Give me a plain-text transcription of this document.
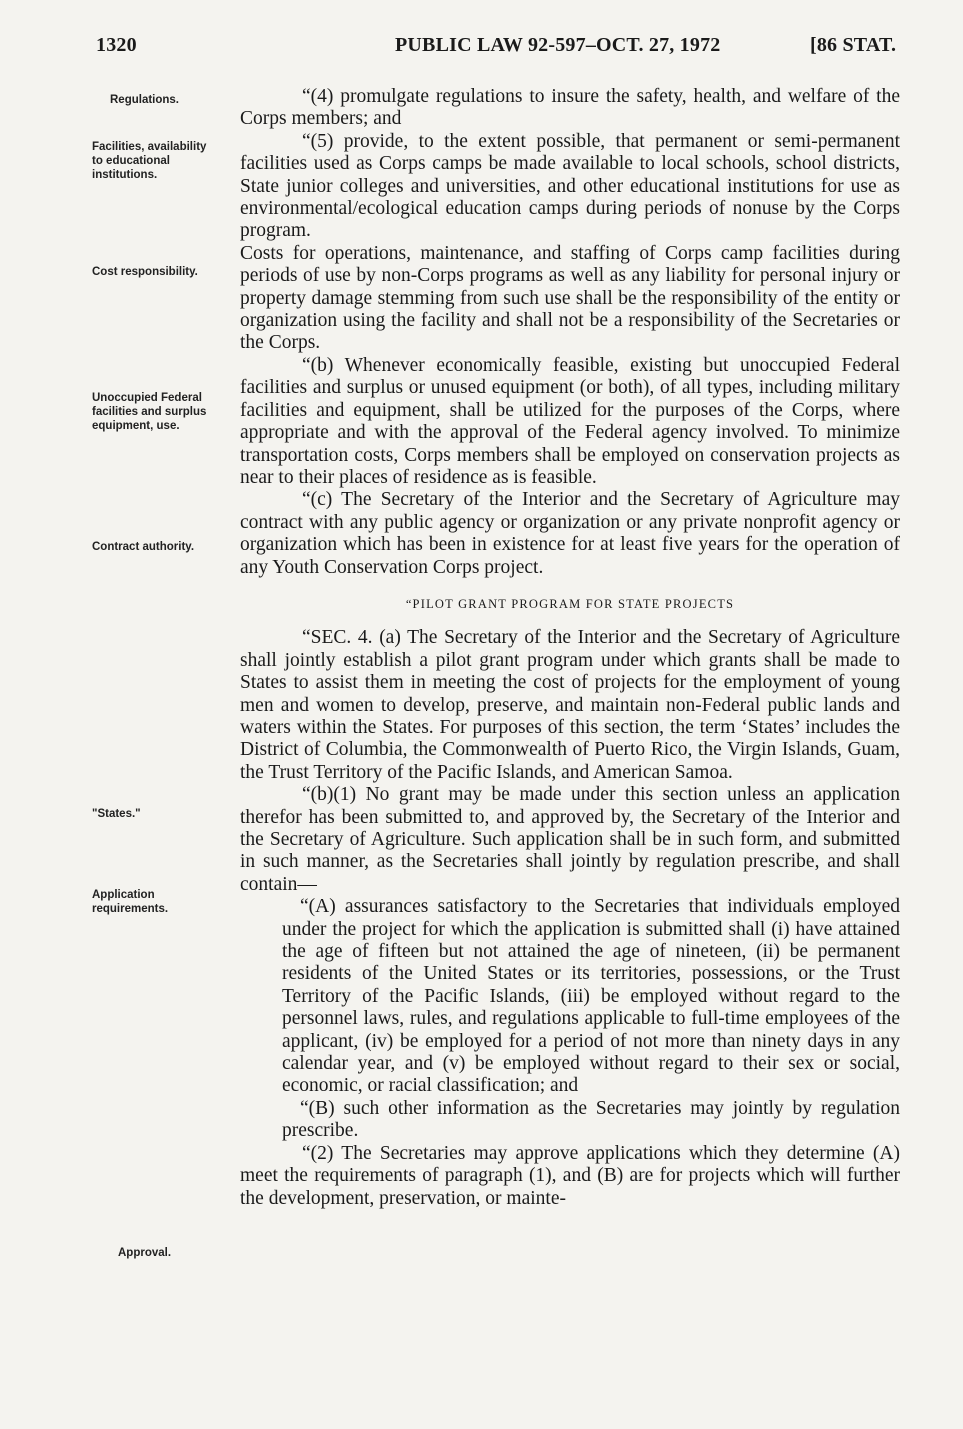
1320	PUBLIC LAW 92-597–OCT. 27, 1972	[86 STAT.
Regulations.
Facilities, availability to educational institutions.
Cost responsibility.
Unoccupied Federal facilities and surplus equipment, use.
Contract authority.
"States."
Application requirements.
Approval.

“(4) promulgate regulations to insure the safety, health, and welfare of the Corps members; and

“(5) provide, to the extent possible, that permanent or semi-permanent facilities used as Corps camps be made available to local schools, school districts, State junior colleges and universities, and other educational institutions for use as environmental/ecological education camps during periods of nonuse by the Corps program.

Costs for operations, maintenance, and staffing of Corps camp facilities during periods of use by non-Corps programs as well as any liability for personal injury or property damage stemming from such use shall be the responsibility of the entity or organization using the facility and shall not be a responsibility of the Secretaries or the Corps.

“(b) Whenever economically feasible, existing but unoccupied Federal facilities and surplus or unused equipment (or both), of all types, including military facilities and equipment, shall be utilized for the purposes of the Corps, where appropriate and with the approval of the Federal agency involved. To minimize transportation costs, Corps members shall be employed on conservation projects as near to their places of residence as is feasible.

“(c) The Secretary of the Interior and the Secretary of Agriculture may contract with any public agency or organization or any private nonprofit agency or organization which has been in existence for at least five years for the operation of any Youth Conservation Corps project.

“PILOT GRANT PROGRAM FOR STATE PROJECTS

“SEC. 4. (a) The Secretary of the Interior and the Secretary of Agriculture shall jointly establish a pilot grant program under which grants shall be made to States to assist them in meeting the cost of projects for the employment of young men and women to develop, preserve, and maintain non-Federal public lands and waters within the States. For purposes of this section, the term ‘States’ includes the District of Columbia, the Commonwealth of Puerto Rico, the Virgin Islands, Guam, the Trust Territory of the Pacific Islands, and American Samoa.

“(b)(1) No grant may be made under this section unless an application therefor has been submitted to, and approved by, the Secretary of the Interior and the Secretary of Agriculture. Such application shall be in such form, and submitted in such manner, as the Secretaries shall jointly by regulation prescribe, and shall contain—

“(A) assurances satisfactory to the Secretaries that individuals employed under the project for which the application is submitted shall (i) have attained the age of fifteen but not attained the age of nineteen, (ii) be permanent residents of the United States or its territories, possessions, or the Trust Territory of the Pacific Islands, (iii) be employed without regard to the personnel laws, rules, and regulations applicable to full-time employees of the applicant, (iv) be employed for a period of not more than ninety days in any calendar year, and (v) be employed without regard to their sex or social, economic, or racial classification; and

“(B) such other information as the Secretaries may jointly by regulation prescribe.

“(2) The Secretaries may approve applications which they determine (A) meet the requirements of paragraph (1), and (B) are for projects which will further the development, preservation, or mainte-
